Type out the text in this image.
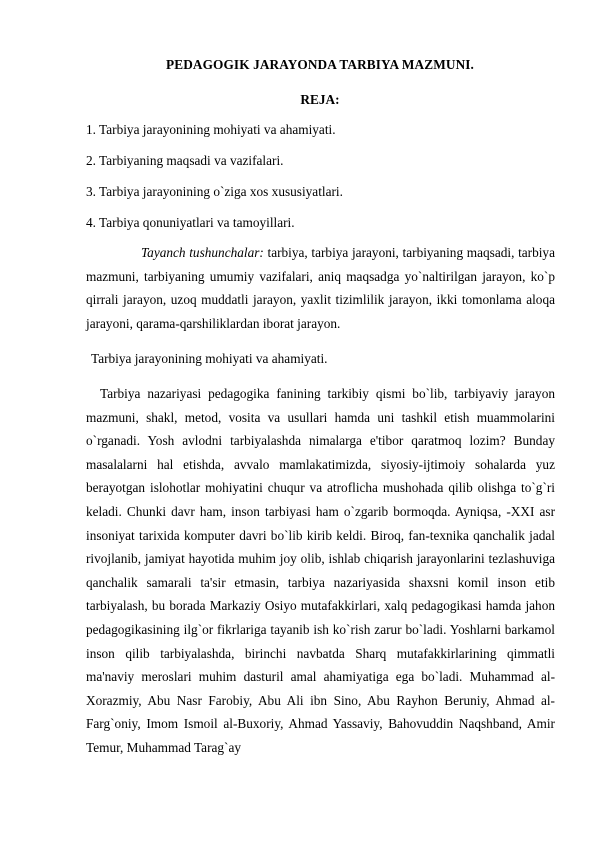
PEDAGOGIK JARAYONDA TARBIYA MAZMUNI.
REJA:
1. Tarbiya jarayonining mohiyati va ahamiyati.
2. Tarbiyaning maqsadi va vazifalari.
3. Tarbiya jarayonining o`ziga xos xususiyatlari.
4. Tarbiya qonuniyatlari va tamoyillari.

Tayanch tushunchalar: tarbiya, tarbiya jarayoni, tarbiyaning maqsadi, tarbiya mazmuni, tarbiyaning umumiy vazifalari, aniq maqsadga yo`naltirilgan jarayon, ko`p qirrali jarayon, uzoq muddatli jarayon, yaxlit tizimlilik jarayon, ikki tomonlama aloqa jarayoni, qarama-qarshiliklardan iborat jarayon.

Tarbiya jarayonining mohiyati va ahamiyati.

Tarbiya nazariyasi pedagogika fanining tarkibiy qismi bo`lib, tarbiyaviy jarayon mazmuni, shakl, metod, vosita va usullari hamda uni tashkil etish muammolarini o`rganadi. Yosh avlodni tarbiyalashda nimalarga e'tibor qaratmoq lozim? Bunday masalalarni hal etishda, avvalo mamlakatimizda, siyosiy-ijtimoiy sohalarda yuz berayotgan islohotlar mohiyatini chuqur va atroflicha mushohada qilib olishga to`g`ri keladi. Chunki davr ham, inson tarbiyasi ham o`zgarib bormoqda. Ayniqsa, -XXI asr insoniyat tarixida komputer davri bo`lib kirib keldi. Biroq, fan-texnika qanchalik jadal rivojlanib, jamiyat hayotida muhim joy olib, ishlab chiqarish jarayonlarini tezlashuviga qanchalik samarali ta'sir etmasin, tarbiya nazariyasida shaxsni komil inson etib tarbiyalash, bu borada Markaziy Osiyo mutafakkirlari, xalq pedagogikasi hamda jahon pedagogikasining ilg`or fikrlariga tayanib ish ko`rish zarur bo`ladi. Yoshlarni barkamol inson qilib tarbiyalashda, birinchi navbatda Sharq mutafakkirlarining qimmatli ma'naviy meroslari muhim dasturil amal ahamiyatiga ega bo`ladi. Muhammad al-Xorazmiy, Abu Nasr Farobiy, Abu Ali ibn Sino, Abu Rayhon Beruniy, Ahmad al-Farg`oniy, Imom Ismoil al-Buxoriy, Ahmad Yassaviy, Bahovuddin Naqshband, Amir Temur, Muhammad Tarag`ay
